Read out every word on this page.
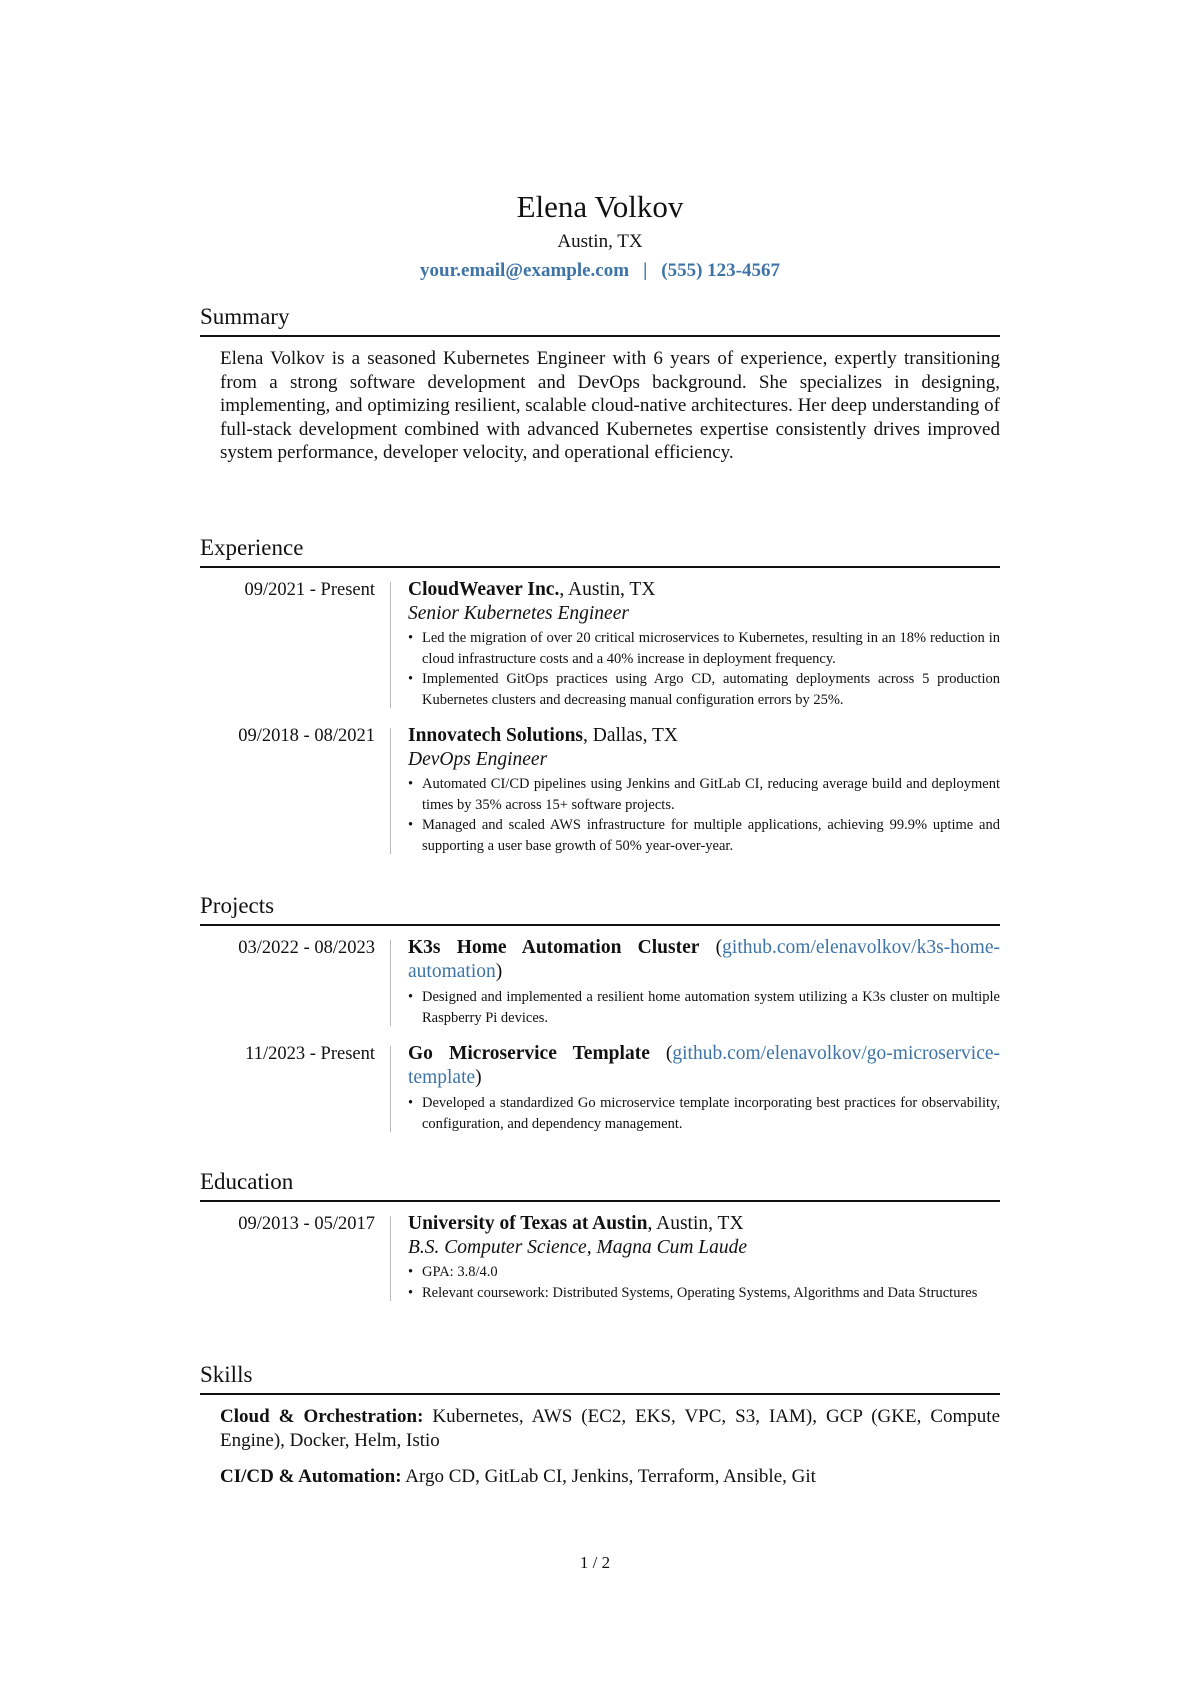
Elena Volkov
Austin, TX
your.email@example.com | (555) 123-4567
Summary
Elena Volkov is a seasoned Kubernetes Engineer with 6 years of experience, expertly transitioning from a strong software development and DevOps background. She specializes in designing, implementing, and optimizing resilient, scalable cloud-native architectures. Her deep understanding of full-stack development combined with advanced Kubernetes expertise consistently drives improved system performance, developer velocity, and operational efficiency.
Experience
09/2021 - Present CloudWeaver Inc., Austin, TX
Senior Kubernetes Engineer
• Led the migration of over 20 critical microservices to Kubernetes, resulting in an 18% reduction in cloud infrastructure costs and a 40% increase in deployment frequency.
• Implemented GitOps practices using Argo CD, automating deployments across 5 production Kubernetes clusters and decreasing manual configuration errors by 25%.
09/2018 - 08/2021 Innovatech Solutions, Dallas, TX
DevOps Engineer
• Automated CI/CD pipelines using Jenkins and GitLab CI, reducing average build and deployment times by 35% across 15+ software projects.
• Managed and scaled AWS infrastructure for multiple applications, achieving 99.9% uptime and supporting a user base growth of 50% year-over-year.
Projects
03/2022 - 08/2023 K3s Home Automation Cluster (github.com/elenavolkov/k3s-home-automation)
• Designed and implemented a resilient home automation system utilizing a K3s cluster on multiple Raspberry Pi devices.
11/2023 - Present Go Microservice Template (github.com/elenavolkov/go-microservice-template)
• Developed a standardized Go microservice template incorporating best practices for observability, configuration, and dependency management.
Education
09/2013 - 05/2017 University of Texas at Austin, Austin, TX
B.S. Computer Science, Magna Cum Laude
• GPA: 3.8/4.0
• Relevant coursework: Distributed Systems, Operating Systems, Algorithms and Data Structures
Skills
Cloud & Orchestration: Kubernetes, AWS (EC2, EKS, VPC, S3, IAM), GCP (GKE, Compute Engine), Docker, Helm, Istio
CI/CD & Automation: Argo CD, GitLab CI, Jenkins, Terraform, Ansible, Git
1 / 2
